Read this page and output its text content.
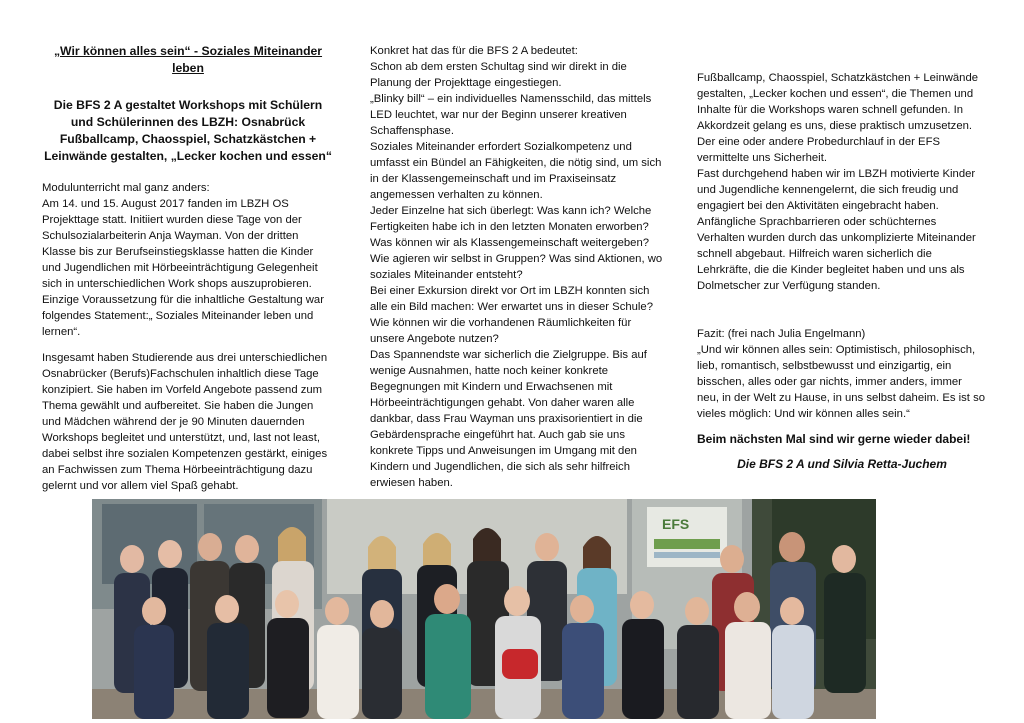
„Wir können alles sein“ - Soziales Miteinander
leben
Die BFS 2 A gestaltet Workshops mit Schülern und Schülerinnen des LBZH: Osnabrück Fußballcamp, Chaosspiel, Schatzkästchen + Leinwände gestalten, „Lecker kochen und essen“

Modulunterricht mal ganz anders:

Am 14. und 15. August 2017 fanden im LBZH OS Projekttage statt. Initiiert wurden diese Tage von der Schulsozialarbeiterin Anja Wayman. Von der dritten Klasse bis zur Berufseinstiegsklasse hatten die Kinder und Jugendlichen mit Hörbeeinträchtigung Gelegenheit sich in unterschiedlichen Work shops auszuprobieren. Einzige Voraussetzung für die inhaltliche Gestaltung war folgendes Statement:„ Soziales Miteinander leben und lernen“.

Insgesamt haben Studierende aus drei unterschiedlichen Osnabrücker (Berufs)Fachschulen inhaltlich diese Tage konzipiert. Sie haben im Vorfeld Angebote passend zum Thema gewählt und aufbereitet. Sie haben die Jungen und Mädchen während der je 90 Minuten dauernden Workshops begleitet und unterstützt, und, last not least, dabei selbst ihre sozialen Kompetenzen gestärkt, einiges an Fachwissen zum Thema Hörbeeinträchtigung dazu gelernt und vor allem viel Spaß gehabt.

Konkret hat das für die BFS 2 A bedeutet:

Schon ab dem ersten Schultag sind wir direkt in die Planung der Projekttage eingestiegen.

„Blinky bill“ – ein individuelles Namensschild, das mittels LED leuchtet, war nur der Beginn unserer kreativen Schaffensphase.

Soziales Miteinander erfordert Sozialkompetenz und umfasst ein Bündel an Fähigkeiten, die nötig sind, um sich in der Klassengemeinschaft und im Praxiseinsatz angemessen verhalten zu können.

Jeder Einzelne hat sich überlegt: Was kann ich? Welche Fertigkeiten habe ich in den letzten Monaten erworben? Was können wir als Klassengemeinschaft weitergeben? Wie agieren wir selbst in Gruppen? Was sind Aktionen, wo soziales Miteinander entsteht?

Bei einer Exkursion direkt vor Ort im LBZH konnten sich alle ein Bild machen: Wer erwartet uns in dieser Schule? Wie können wir die vorhandenen Räumlichkeiten für unsere Angebote nutzen?

Das Spannendste war sicherlich die Zielgruppe. Bis auf wenige Ausnahmen, hatte noch keiner konkrete Begegnungen mit Kindern und Erwachsenen mit Hörbeeinträchtigungen gehabt. Von daher waren alle dankbar, dass Frau Wayman uns praxisorientiert in die Gebärdensprache eingeführt hat. Auch gab sie uns konkrete Tipps und Anweisungen im Umgang mit den Kindern und Jugendlichen, die sich als sehr hilfreich erwiesen haben.

Fußballcamp, Chaosspiel, Schatzkästchen + Leinwände gestalten, „Lecker kochen und essen“, die Themen und Inhalte für die Workshops waren schnell gefunden. In Akkordzeit gelang es uns, diese praktisch umzusetzen. Der eine oder andere Probedurchlauf in der EFS vermittelte uns Sicherheit.

Fast durchgehend haben wir im LBZH motivierte Kinder und Jugendliche kennengelernt, die sich freudig und engagiert bei den Aktivitäten eingebracht haben. Anfängliche Sprachbarrieren oder schüchternes Verhalten wurden durch das unkomplizierte Miteinander schnell abgebaut. Hilfreich waren sicherlich die Lehrkräfte, die die Kinder begleitet haben und uns als Dolmetscher zur Verfügung standen.

Fazit: (frei nach Julia Engelmann)

„Und wir können alles sein: Optimistisch, philosophisch, lieb, romantisch, selbstbewusst und einzigartig, ein bisschen, alles oder gar nichts, immer anders, immer neu, in der Welt zu Hause, in uns selbst daheim. Es ist so vieles möglich: Und wir können alles sein.“

Beim nächsten Mal sind wir gerne wieder dabei!

Die BFS 2 A und Silvia Retta-Juchem

EFS
